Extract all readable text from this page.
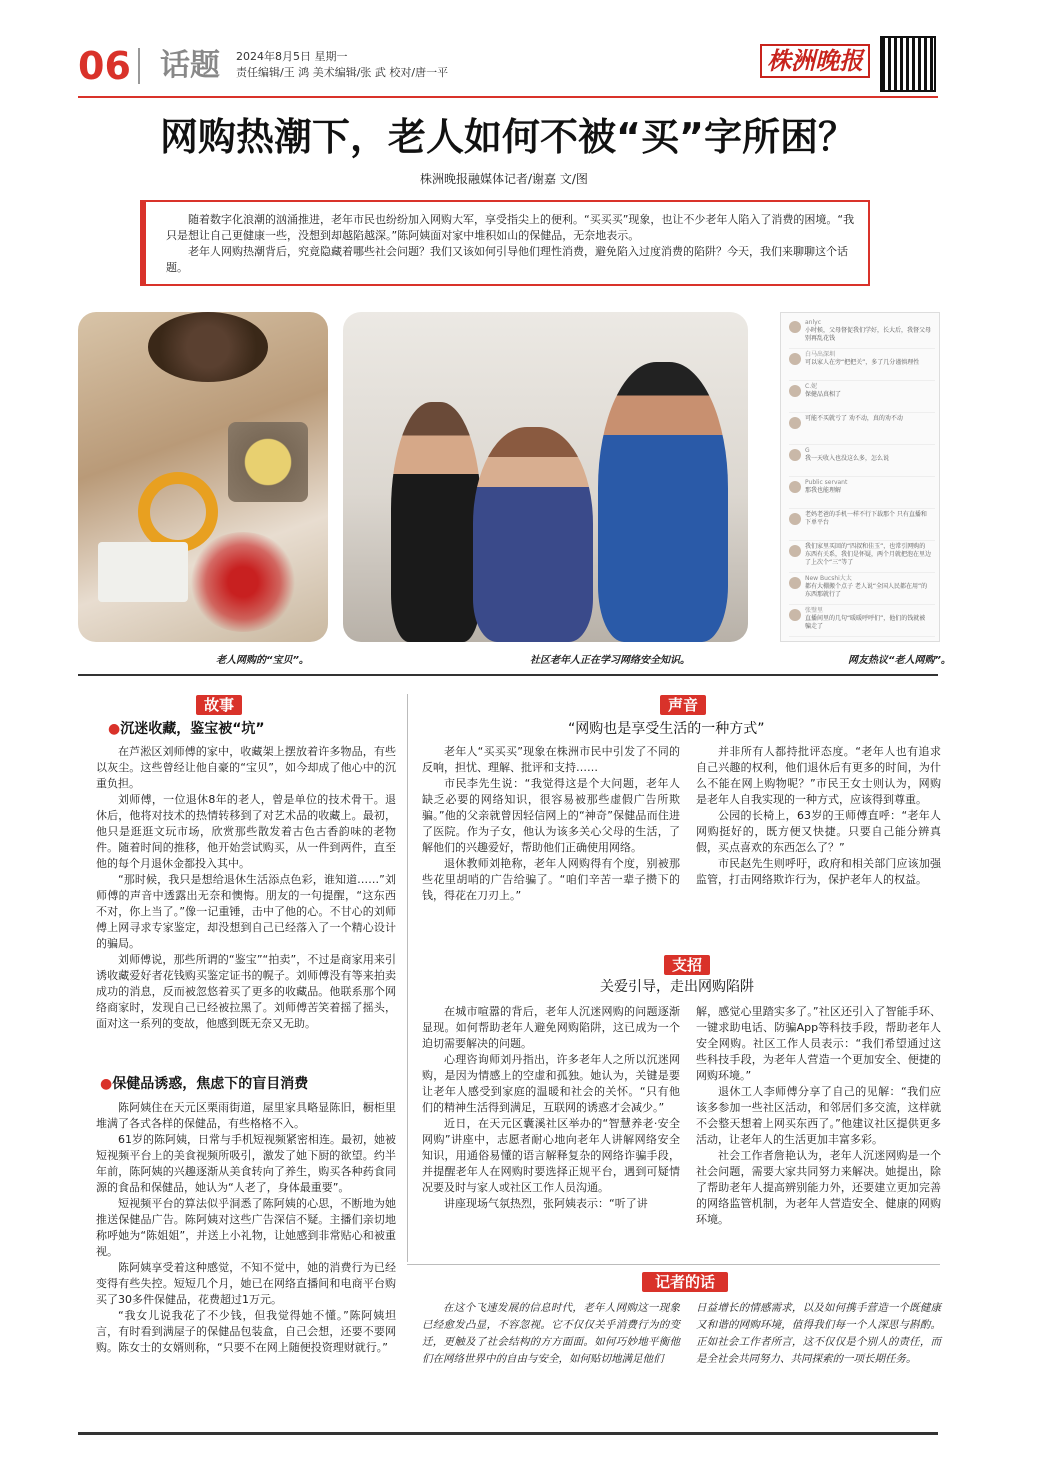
06 话题 2024年8月5日 星期一
责任编辑/王 鸿 美术编辑/张 武 校对/唐一平	株洲晚报
网购热潮下，老人如何不被“买”字所困？
株洲晚报融媒体记者/谢嘉 文/图

随着数字化浪潮的汹涌推进，老年市民也纷纷加入网购大军，享受指尖上的便利。“买买买”现象，也让不少老年人陷入了消费的困境。“我只是想让自己更健康一些，没想到却越陷越深。”陈阿姨面对家中堆积如山的保健品，无奈地表示。

老年人网购热潮背后，究竟隐藏着哪些社会问题？我们又该如何引导他们理性消费，避免陷入过度消费的陷阱？今天，我们来聊聊这个话题。

anlyc
小时候，父母督促我们学好，长大后，我督父母别再乱花钱
白马出深圳
可以家人在旁“把把关”，多了几分谨慎理性
C.妮
保健品真相了
可能不买就亏了 劝不动，真的劝不动
G
我一天收入也没这么多，怎么说
Public servant
那我也能理解
老妈老爸的手机一样不行下载那个 只有直播和下单平台
我们家里买回的“四叔和佳玉”，也常引网购的东西有关系，我们是怀疑，两个月就把泡在里边了上次个“三”等了
New Bucshi大太
都有大棚搬个点子 老人说“全国人民都在用”的东西那就行了
张璧里
直播间里的几句“暖暖呼呼们”，他们的钱就被骗走了
老人网购的“宝贝”。	社区老年人正在学习网络安全知识。	网友热议“老人网购”。
故事
●沉迷收藏，鉴宝被“坑”

在芦淞区刘师傅的家中，收藏架上摆放着许多物品，有些以灰尘。这些曾经让他自豪的“宝贝”，如今却成了他心中的沉重负担。

刘师傅，一位退休8年的老人，曾是单位的技术骨干。退休后，他将对技术的热情转移到了对艺术品的收藏上。最初，他只是逛逛文玩市场，欣赏那些散发着古色古香韵味的老物件。随着时间的推移，他开始尝试购买，从一件到两件，直至他的每个月退休金都投入其中。

“那时候，我只是想给退休生活添点色彩，谁知道……”刘师傅的声音中透露出无奈和懊悔。朋友的一句提醒，“这东西不对，你上当了。”像一记重锤，击中了他的心。不甘心的刘师傅上网寻求专家鉴定，却没想到自己已经落入了一个精心设计的骗局。

刘师傅说，那些所谓的“鉴宝”“拍卖”，不过是商家用来引诱收藏爱好者花钱购买鉴定证书的幌子。刘师傅没有等来拍卖成功的消息，反而被忽悠着买了更多的收藏品。他联系那个网络商家时，发现自己已经被拉黑了。刘师傅苦笑着摇了摇头，面对这一系列的变故，他感到既无奈又无助。

●保健品诱惑，焦虑下的盲目消费

陈阿姨住在天元区栗雨街道，屋里家具略显陈旧，橱柜里堆满了各式各样的保健品，有些格格不入。

61岁的陈阿姨，日常与手机短视频紧密相连。最初，她被短视频平台上的美食视频所吸引，激发了她下厨的欲望。约半年前，陈阿姨的兴趣逐渐从美食转向了养生，购买各种药食同源的食品和保健品，她认为“人老了，身体最重要”。

短视频平台的算法似乎洞悉了陈阿姨的心思，不断地为她推送保健品广告。陈阿姨对这些广告深信不疑。主播们亲切地称呼她为“陈姐姐”，并送上小礼物，让她感到非常贴心和被重视。

陈阿姨享受着这种感觉，不知不觉中，她的消费行为已经变得有些失控。短短几个月，她已在网络直播间和电商平台购买了30多件保健品，花费超过1万元。

“我女儿说我花了不少钱，但我觉得她不懂。”陈阿姨坦言，有时看到满屋子的保健品包装盒，自己会想，还要不要网购。陈女士的女婿则称，“只要不在网上随便投资理财就行。”

声音
“网购也是享受生活的一种方式”

老年人“买买买”现象在株洲市民中引发了不同的反响，担忧、理解、批评和支持……

市民李先生说：“我觉得这是个大问题，老年人缺乏必要的网络知识，很容易被那些虚假广告所欺骗。”他的父亲就曾因轻信网上的“神奇”保健品而住进了医院。作为子女，他认为该多关心父母的生活，了解他们的兴趣爱好，帮助他们正确使用网络。

退休教师刘艳称，老年人网购得有个度，别被那些花里胡哨的广告给骗了。“咱们辛苦一辈子攒下的钱，得花在刀刃上。”

并非所有人都持批评态度。“老年人也有追求自己兴趣的权利，他们退休后有更多的时间，为什么不能在网上购物呢？”市民王女士则认为，网购是老年人自我实现的一种方式，应该得到尊重。

公园的长椅上，63岁的王师傅直呼：“老年人网购挺好的，既方便又快捷。只要自己能分辨真假，买点喜欢的东西怎么了？”

市民赵先生则呼吁，政府和相关部门应该加强监管，打击网络欺诈行为，保护老年人的权益。

支招
关爱引导，走出网购陷阱

在城市喧嚣的背后，老年人沉迷网购的问题逐渐显现。如何帮助老年人避免网购陷阱，这已成为一个迫切需要解决的问题。

心理咨询师刘丹指出，许多老年人之所以沉迷网购，是因为情感上的空虚和孤独。她认为，关键是要让老年人感受到家庭的温暖和社会的关怀。“只有他们的精神生活得到满足，互联网的诱惑才会减少。”

近日，在天元区囊溪社区举办的“智慧养老·安全网购”讲座中，志愿者耐心地向老年人讲解网络安全知识，用通俗易懂的语言解释复杂的网络诈骗手段，并提醒老年人在网购时要选择正规平台，遇到可疑情况要及时与家人或社区工作人员沟通。

讲座现场气氛热烈，张阿姨表示：“听了讲

解，感觉心里踏实多了。”社区还引入了智能手环、一键求助电话、防骗App等科技手段，帮助老年人安全网购。社区工作人员表示：“我们希望通过这些科技手段，为老年人营造一个更加安全、便捷的网购环境。”

退休工人李师傅分享了自己的见解：“我们应该多参加一些社区活动，和邻居们多交流，这样就不会整天想着上网买东西了。”他建议社区提供更多活动，让老年人的生活更加丰富多彩。

社会工作者詹艳认为，老年人沉迷网购是一个社会问题，需要大家共同努力来解决。她提出，除了帮助老年人提高辨别能力外，还要建立更加完善的网络监管机制，为老年人营造安全、健康的网购环境。

记者的话
在这个飞速发展的信息时代，老年人网购这一现象已经愈发凸显，不容忽视。它不仅仅关乎消费行为的变迁，更触及了社会结构的方方面面。如何巧妙地平衡他们在网络世界中的自由与安全，如何贴切地满足他们
日益增长的情感需求，以及如何携手营造一个既健康又和谐的网购环境，值得我们每一个人深思与斟酌。正如社会工作者所言，这不仅仅是个别人的责任，而是全社会共同努力、共同探索的一项长期任务。
